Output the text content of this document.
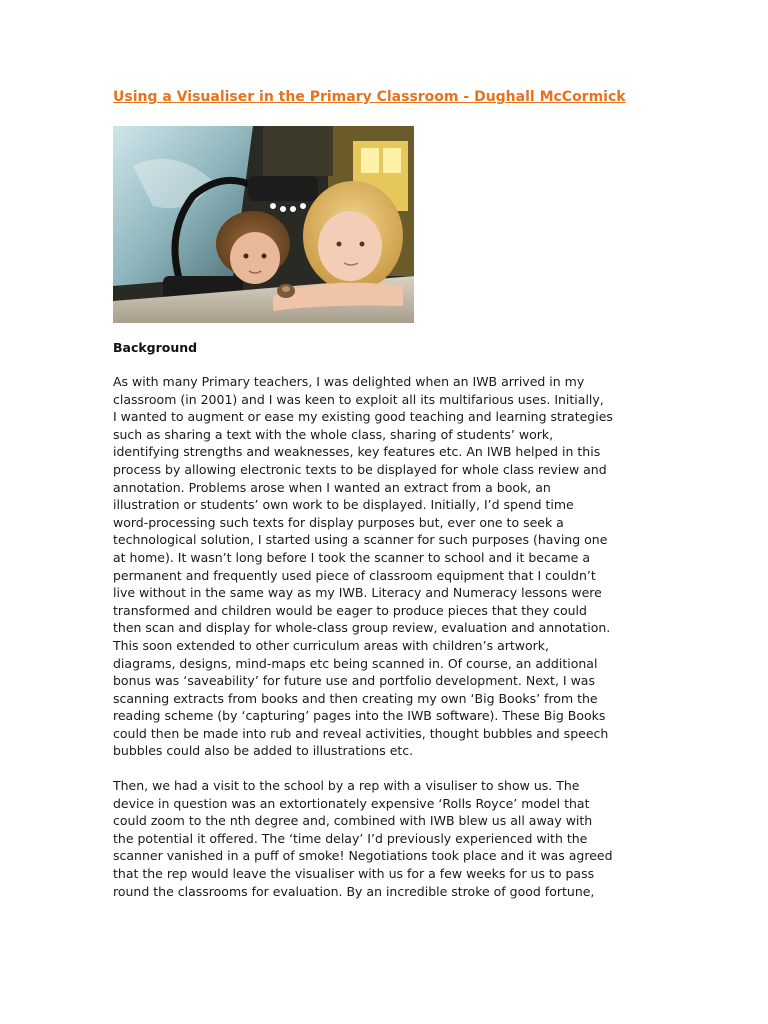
Using a Visualiser in the Primary Classroom - Dughall McCormick
Background

As with many Primary teachers, I was delighted when an IWB arrived in my
classroom (in 2001) and I was keen to exploit all its multifarious uses. Initially,
I wanted to augment or ease my existing good teaching and learning strategies
such as sharing a text with the whole class, sharing of students’ work,
identifying strengths and weaknesses, key features etc. An IWB helped in this
process by allowing electronic texts to be displayed for whole class review and
annotation. Problems arose when I wanted an extract from a book, an
illustration or students’ own work to be displayed. Initially, I’d spend time
word-processing such texts for display purposes but, ever one to seek a
technological solution, I started using a scanner for such purposes (having one
at home). It wasn’t long before I took the scanner to school and it became a
permanent and frequently used piece of classroom equipment that I couldn’t
live without in the same way as my IWB. Literacy and Numeracy lessons were
transformed and children would be eager to produce pieces that they could
then scan and display for whole-class group review, evaluation and annotation.
This soon extended to other curriculum areas with children’s artwork,
diagrams, designs, mind-maps etc being scanned in. Of course, an additional
bonus was ‘saveability’ for future use and portfolio development. Next, I was
scanning extracts from books and then creating my own ‘Big Books’ from the
reading scheme (by ‘capturing’ pages into the IWB software). These Big Books
could then be made into rub and reveal activities, thought bubbles and speech
bubbles could also be added to illustrations etc.

Then, we had a visit to the school by a rep with a visuliser to show us. The
device in question was an extortionately expensive ‘Rolls Royce’ model that
could zoom to the nth degree and, combined with IWB blew us all away with
the potential it offered. The ‘time delay’ I’d previously experienced with the
scanner vanished in a puff of smoke! Negotiations took place and it was agreed
that the rep would leave the visualiser with us for a few weeks for us to pass
round the classrooms for evaluation. By an incredible stroke of good fortune,
